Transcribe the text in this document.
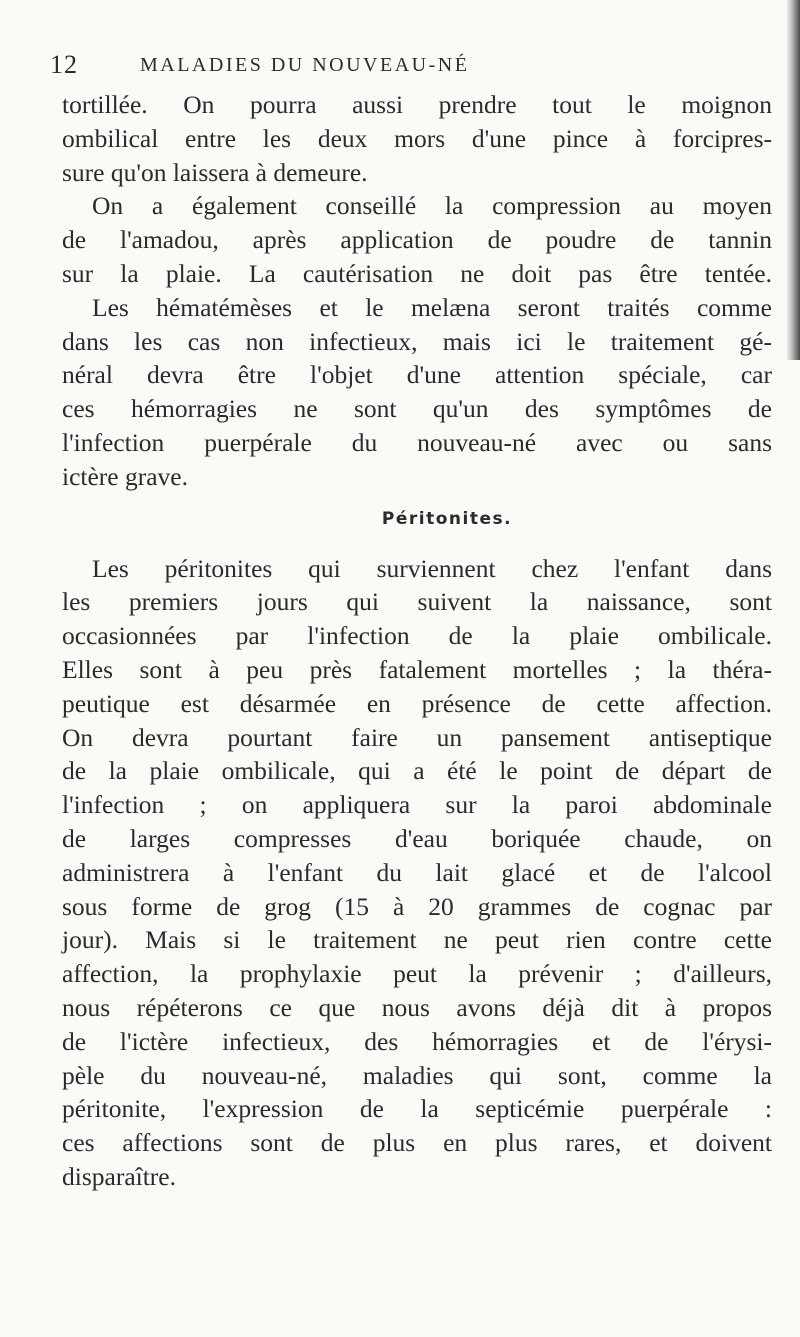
12	MALADIES DU NOUVEAU-NÉ
tortillée. On pourra aussi prendre tout le moignon
ombilical entre les deux mors d'une pince à forcipres-
sure qu'on laissera à demeure.
On a également conseillé la compression au moyen
de l'amadou, après application de poudre de tannin
sur la plaie. La cautérisation ne doit pas être tentée.
Les hématémèses et le melæna seront traités comme
dans les cas non infectieux, mais ici le traitement gé-
néral devra être l'objet d'une attention spéciale, car
ces hémorragies ne sont qu'un des symptômes de
l'infection puerpérale du nouveau-né avec ou sans
ictère grave.
Péritonites.
Les péritonites qui surviennent chez l'enfant dans
les premiers jours qui suivent la naissance, sont
occasionnées par l'infection de la plaie ombilicale.
Elles sont à peu près fatalement mortelles ; la théra-
peutique est désarmée en présence de cette affection.
On devra pourtant faire un pansement antiseptique
de la plaie ombilicale, qui a été le point de départ de
l'infection ; on appliquera sur la paroi abdominale
de larges compresses d'eau boriquée chaude, on
administrera à l'enfant du lait glacé et de l'alcool
sous forme de grog (15 à 20 grammes de cognac par
jour). Mais si le traitement ne peut rien contre cette
affection, la prophylaxie peut la prévenir ; d'ailleurs,
nous répéterons ce que nous avons déjà dit à propos
de l'ictère infectieux, des hémorragies et de l'érysi-
pèle du nouveau-né, maladies qui sont, comme la
péritonite, l'expression de la septicémie puerpérale :
ces affections sont de plus en plus rares, et doivent
disparaître.
